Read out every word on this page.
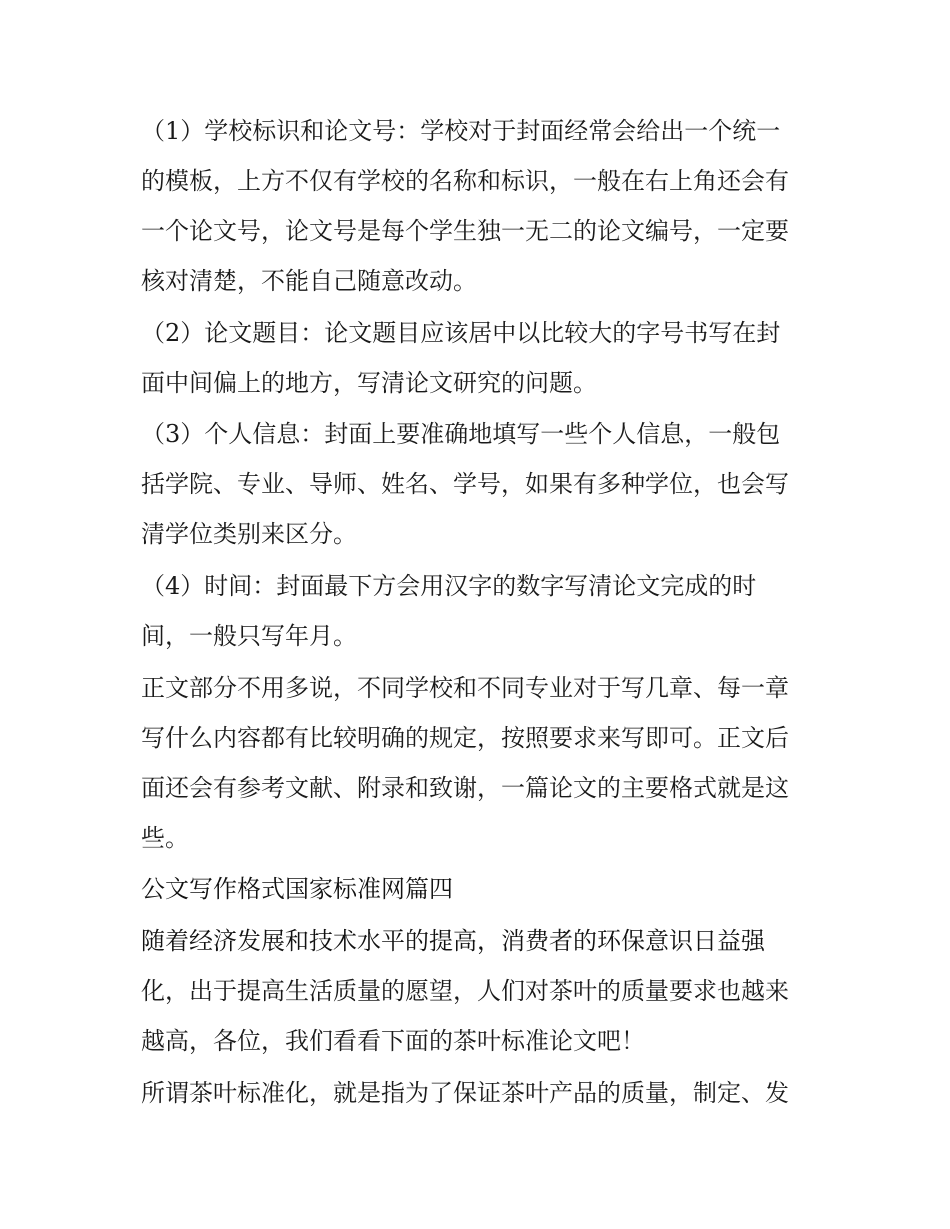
（1）学校标识和论文号：学校对于封面经常会给出一个统一
的模板，上方不仅有学校的名称和标识，一般在右上角还会有
一个论文号，论文号是每个学生独一无二的论文编号，一定要
核对清楚，不能自己随意改动。
（2）论文题目：论文题目应该居中以比较大的字号书写在封
面中间偏上的地方，写清论文研究的问题。
（3）个人信息：封面上要准确地填写一些个人信息，一般包
括学院、专业、导师、姓名、学号，如果有多种学位，也会写
清学位类别来区分。
（4）时间：封面最下方会用汉字的数字写清论文完成的时
间，一般只写年月。
正文部分不用多说，不同学校和不同专业对于写几章、每一章
写什么内容都有比较明确的规定，按照要求来写即可。正文后
面还会有参考文献、附录和致谢，一篇论文的主要格式就是这
些。
公文写作格式国家标准网篇四
随着经济发展和技术水平的提高，消费者的环保意识日益强
化，出于提高生活质量的愿望，人们对茶叶的质量要求也越来
越高，各位，我们看看下面的茶叶标准论文吧！
所谓茶叶标准化，就是指为了保证茶叶产品的质量，制定、发
